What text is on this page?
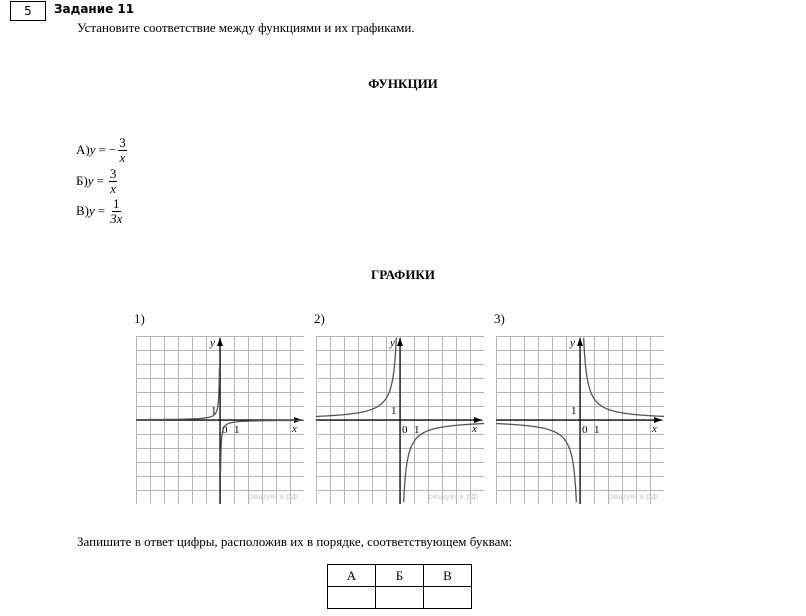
5	Задание 11
Установите соответствие между функциями и их графиками.
ФУНКЦИИ
А) y = − $\frac{3}{x}$
Б) $y = \frac{3}{x}$
В) $y = \frac{1}{3x}$
ГРАФИКИ
1)	2)	3)
решуегэ.рф
y
x
0 1
1
решуегэ.рф
y
x
0 1
1
решуегэ.рф
y
x
0 1
1
Запишите в ответ цифры, расположив их в порядке, соответствующем буквам:
А	Б	В
